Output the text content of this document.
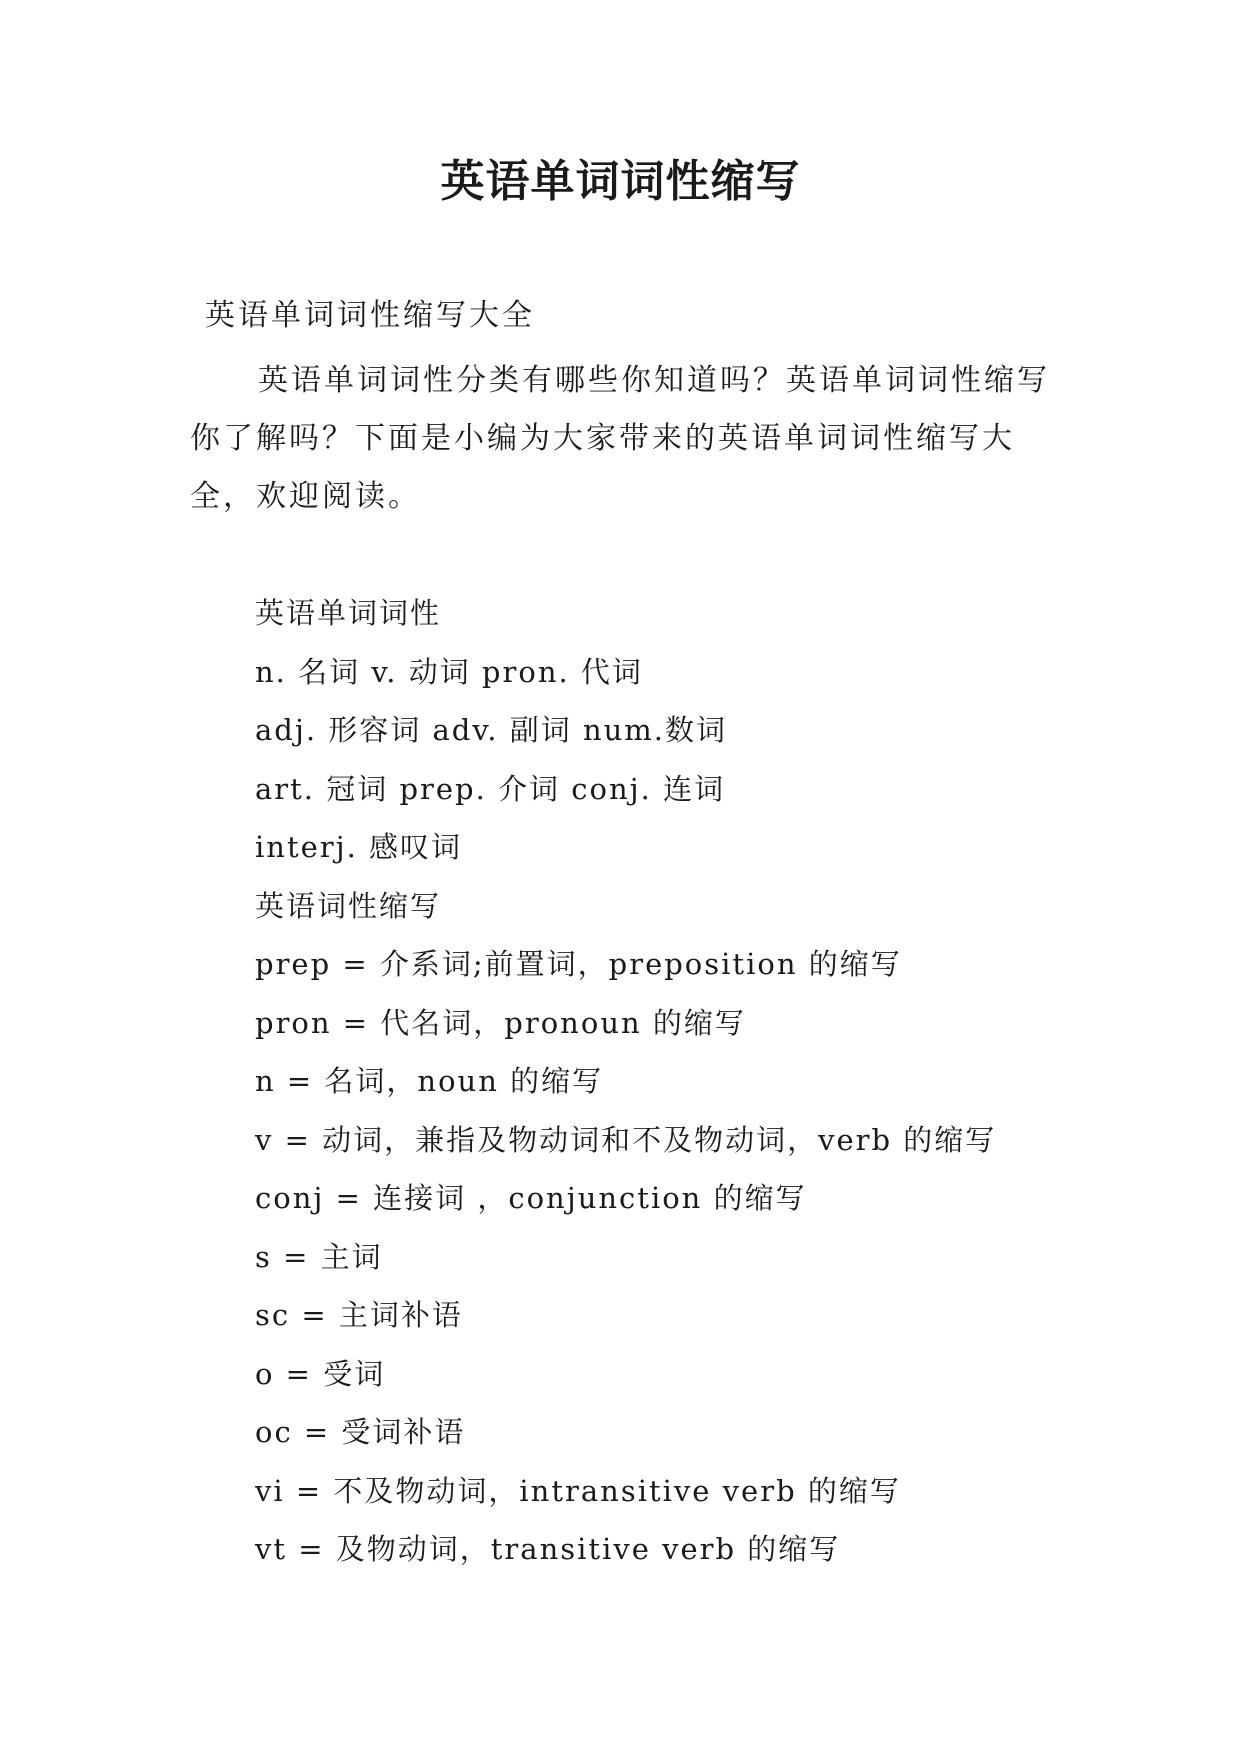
英语单词词性缩写
英语单词词性缩写大全

英语单词词性分类有哪些你知道吗？英语单词词性缩写你了解吗？下面是小编为大家带来的英语单词词性缩写大全，欢迎阅读。

英语单词词性
n. 名词 v. 动词 pron. 代词
adj. 形容词 adv. 副词 num.数词
art. 冠词 prep. 介词 conj. 连词
interj. 感叹词
英语词性缩写
prep = 介系词;前置词，preposition 的缩写
pron = 代名词，pronoun 的缩写
n = 名词，noun 的缩写
v = 动词，兼指及物动词和不及物动词，verb 的缩写
conj = 连接词 ，conjunction 的缩写
s = 主词
sc = 主词补语
o = 受词
oc = 受词补语
vi = 不及物动词，intransitive verb 的缩写
vt = 及物动词，transitive verb 的缩写
